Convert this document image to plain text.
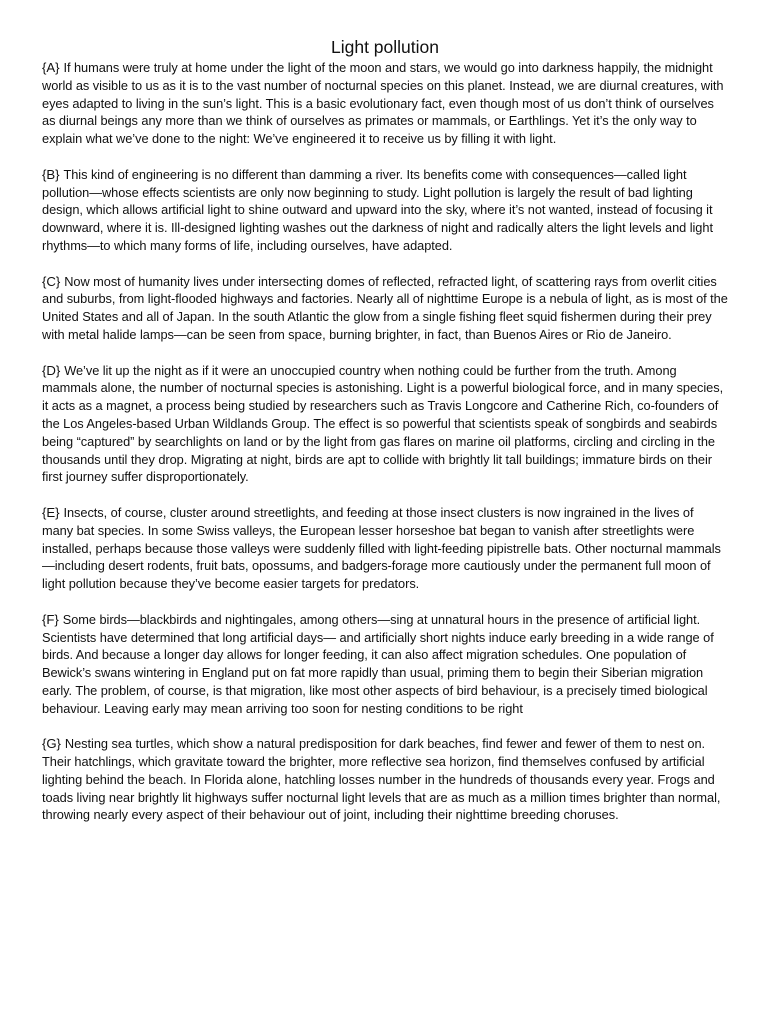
Light pollution

{A} If humans were truly at home under the light of the moon and stars, we would go into darkness happily, the midnight world as visible to us as it is to the vast number of nocturnal species on this planet. Instead, we are diurnal creatures, with eyes adapted to living in the sun’s light. This is a basic evolutionary fact, even though most of us don’t think of ourselves as diurnal beings any more than we think of ourselves as primates or mammals, or Earthlings. Yet it’s the only way to explain what we’ve done to the night: We’ve engineered it to receive us by filling it with light.

{B} This kind of engineering is no different than damming a river. Its benefits come with consequences—called light pollution—whose effects scientists are only now beginning to study. Light pollution is largely the result of bad lighting design, which allows artificial light to shine outward and upward into the sky, where it’s not wanted, instead of focusing it downward, where it is. Ill-designed lighting washes out the darkness of night and radically alters the light levels and light rhythms—to which many forms of life, including ourselves, have adapted.

{C} Now most of humanity lives under intersecting domes of reflected, refracted light, of scattering rays from overlit cities and suburbs, from light-flooded highways and factories. Nearly all of nighttime Europe is a nebula of light, as is most of the United States and all of Japan. In the south Atlantic the glow from a single fishing fleet squid fishermen during their prey with metal halide lamps—can be seen from space, burning brighter, in fact, than Buenos Aires or Rio de Janeiro.

{D} We’ve lit up the night as if it were an unoccupied country when nothing could be further from the truth. Among mammals alone, the number of nocturnal species is astonishing. Light is a powerful biological force, and in many species, it acts as a magnet, a process being studied by researchers such as Travis Longcore and Catherine Rich, co-founders of the Los Angeles-based Urban Wildlands Group. The effect is so powerful that scientists speak of songbirds and seabirds being “captured” by searchlights on land or by the light from gas flares on marine oil platforms, circling and circling in the thousands until they drop. Migrating at night, birds are apt to collide with brightly lit tall buildings; immature birds on their first journey suffer disproportionately.

{E} Insects, of course, cluster around streetlights, and feeding at those insect clusters is now ingrained in the lives of many bat species. In some Swiss valleys, the European lesser horseshoe bat began to vanish after streetlights were installed, perhaps because those valleys were suddenly filled with light-feeding pipistrelle bats. Other nocturnal mammals—including desert rodents, fruit bats, opossums, and badgers-forage more cautiously under the permanent full moon of light pollution because they’ve become easier targets for predators.

{F} Some birds—blackbirds and nightingales, among others—sing at unnatural hours in the presence of artificial light. Scientists have determined that long artificial days— and artificially short nights induce early breeding in a wide range of birds. And because a longer day allows for longer feeding, it can also affect migration schedules. One population of Bewick’s swans wintering in England put on fat more rapidly than usual, priming them to begin their Siberian migration early. The problem, of course, is that migration, like most other aspects of bird behaviour, is a precisely timed biological behaviour. Leaving early may mean arriving too soon for nesting conditions to be right

{G} Nesting sea turtles, which show a natural predisposition for dark beaches, find fewer and fewer of them to nest on. Their hatchlings, which gravitate toward the brighter, more reflective sea horizon, find themselves confused by artificial lighting behind the beach. In Florida alone, hatchling losses number in the hundreds of thousands every year. Frogs and toads living near brightly lit highways suffer nocturnal light levels that are as much as a million times brighter than normal, throwing nearly every aspect of their behaviour out of joint, including their nighttime breeding choruses.
